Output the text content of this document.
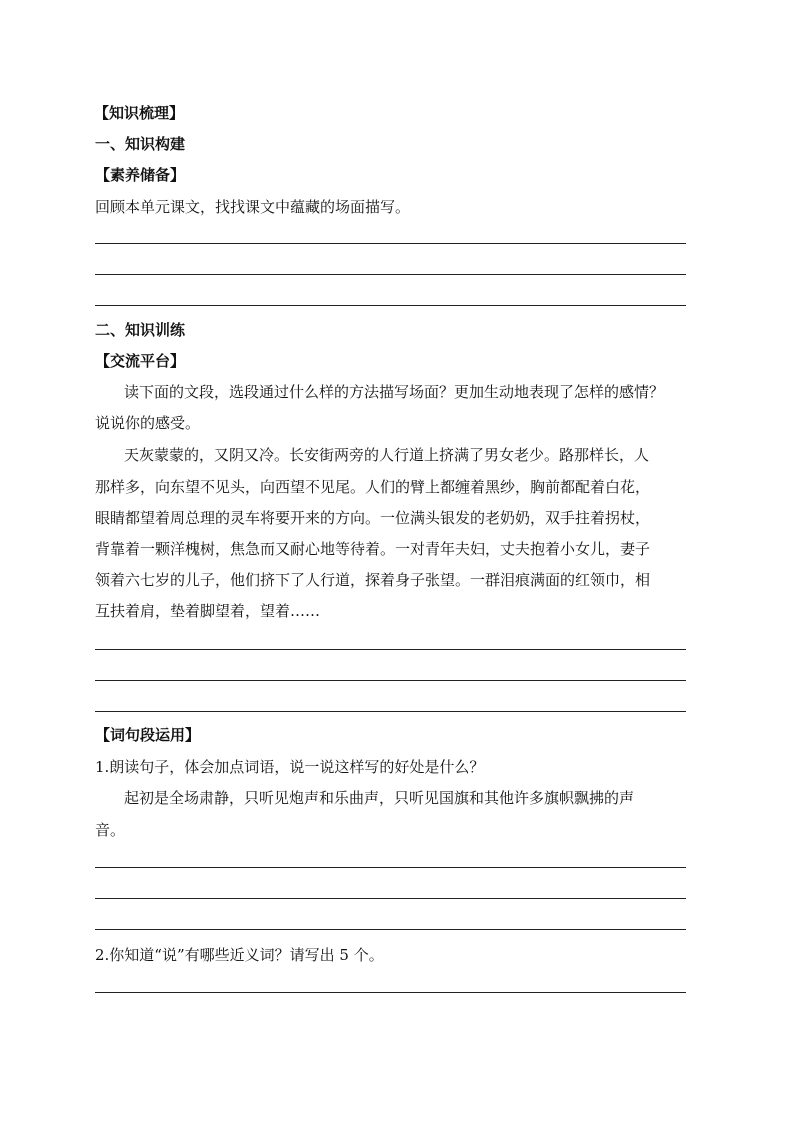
【知识梳理】
一、知识构建
【素养储备】
回顾本单元课文，找找课文中蕴藏的场面描写。
二、知识训练
【交流平台】
读下面的文段，选段通过什么样的方法描写场面？更加生动地表现了怎样的感情？
说说你的感受。
天灰蒙蒙的，又阴又冷。长安街两旁的人行道上挤满了男女老少。路那样长，人
那样多，向东望不见头，向西望不见尾。人们的臂上都缠着黑纱，胸前都配着白花，
眼睛都望着周总理的灵车将要开来的方向。一位满头银发的老奶奶，双手拄着拐杖，
背靠着一颗洋槐树，焦急而又耐心地等待着。一对青年夫妇，丈夫抱着小女儿，妻子
领着六七岁的儿子，他们挤下了人行道，探着身子张望。一群泪痕满面的红领巾，相
互扶着肩，垫着脚望着，望着……
【词句段运用】
1.朗读句子，体会加点词语，说一说这样写的好处是什么？
起初是全场肃静，只听见炮声和乐曲声，只听见国旗和其他许多旗帜飘拂的声
音。
2.你知道“说”有哪些近义词？请写出 5 个。
